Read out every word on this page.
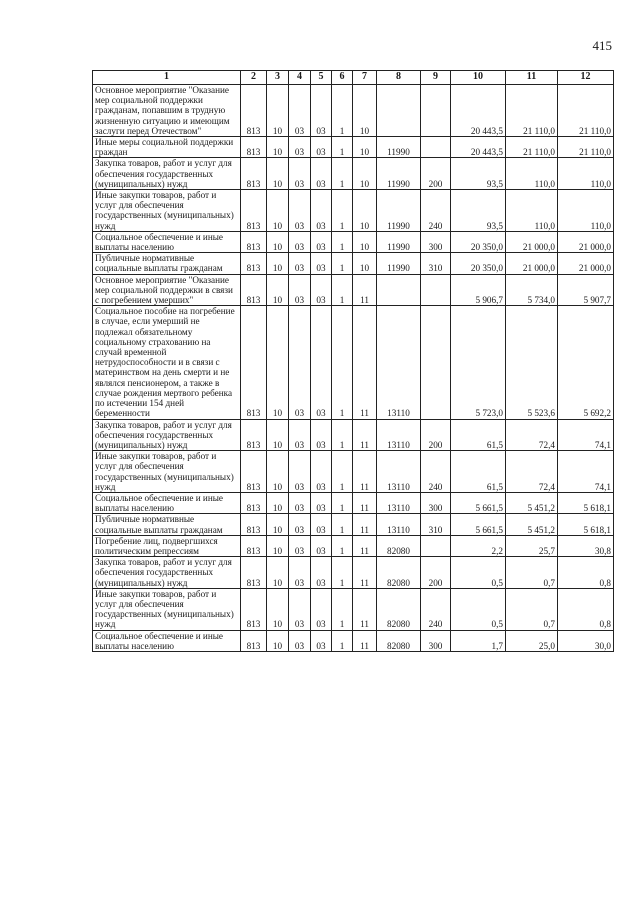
415
1	2	3	4	5	6	7	8	9	10	11	12
Основное мероприятие "Оказание мер социальной поддержки гражданам, попавшим в трудную жизненную ситуацию и имеющим заслуги перед Отечеством"	813	10	03	03	1	10			20 443,5	21 110,0	21 110,0
Иные меры социальной поддержки граждан	813	10	03	03	1	10	11990		20 443,5	21 110,0	21 110,0
Закупка товаров, работ и услуг для обеспечения государственных (муниципальных) нужд	813	10	03	03	1	10	11990	200	93,5	110,0	110,0
Иные закупки товаров, работ и услуг для обеспечения государственных (муниципальных) нужд	813	10	03	03	1	10	11990	240	93,5	110,0	110,0
Социальное обеспечение и иные выплаты населению	813	10	03	03	1	10	11990	300	20 350,0	21 000,0	21 000,0
Публичные нормативные социальные выплаты гражданам	813	10	03	03	1	10	11990	310	20 350,0	21 000,0	21 000,0
Основное мероприятие "Оказание мер социальной поддержки в связи с погребением умерших"	813	10	03	03	1	11			5 906,7	5 734,0	5 907,7
Социальное пособие на погребение в случае, если умерший не подлежал обязательному социальному страхованию на случай временной нетрудоспособности и в связи с материнством на день смерти и не являлся пенсионером, а также в случае рождения мертвого ребенка по истечении 154 дней беременности	813	10	03	03	1	11	13110		5 723,0	5 523,6	5 692,2
Закупка товаров, работ и услуг для обеспечения государственных (муниципальных) нужд	813	10	03	03	1	11	13110	200	61,5	72,4	74,1
Иные закупки товаров, работ и услуг для обеспечения государственных (муниципальных) нужд	813	10	03	03	1	11	13110	240	61,5	72,4	74,1
Социальное обеспечение и иные выплаты населению	813	10	03	03	1	11	13110	300	5 661,5	5 451,2	5 618,1
Публичные нормативные социальные выплаты гражданам	813	10	03	03	1	11	13110	310	5 661,5	5 451,2	5 618,1
Погребение лиц, подвергшихся политическим репрессиям	813	10	03	03	1	11	82080		2,2	25,7	30,8
Закупка товаров, работ и услуг для обеспечения государственных (муниципальных) нужд	813	10	03	03	1	11	82080	200	0,5	0,7	0,8
Иные закупки товаров, работ и услуг для обеспечения государственных (муниципальных) нужд	813	10	03	03	1	11	82080	240	0,5	0,7	0,8
Социальное обеспечение и иные выплаты населению	813	10	03	03	1	11	82080	300	1,7	25,0	30,0
